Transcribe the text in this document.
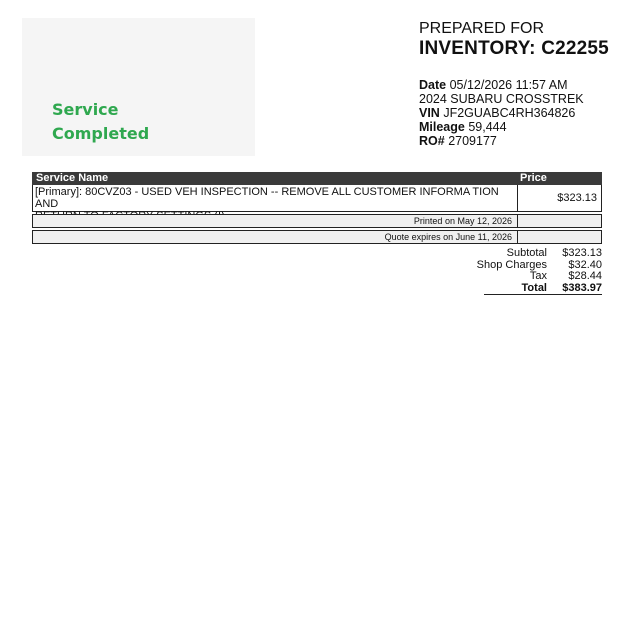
Service
Completed
PREPARED FOR
INVENTORY: C22255
Date 05/12/2026 11:57 AM
2024 SUBARU CROSSTREK
VIN JF2GUABC4RH364826
Mileage 59,444
RO# 2709177
Service Name	Price
[Primary]: 80CVZ03 - USED VEH INSPECTION -- REMOVE ALL CUSTOMER INFORMA TION AND	$323.13
Printed on May 12, 2026
Quote expires on June 11, 2026
Subtotal $323.13
Shop Charges $32.40
Tax $28.44
Total $383.97
